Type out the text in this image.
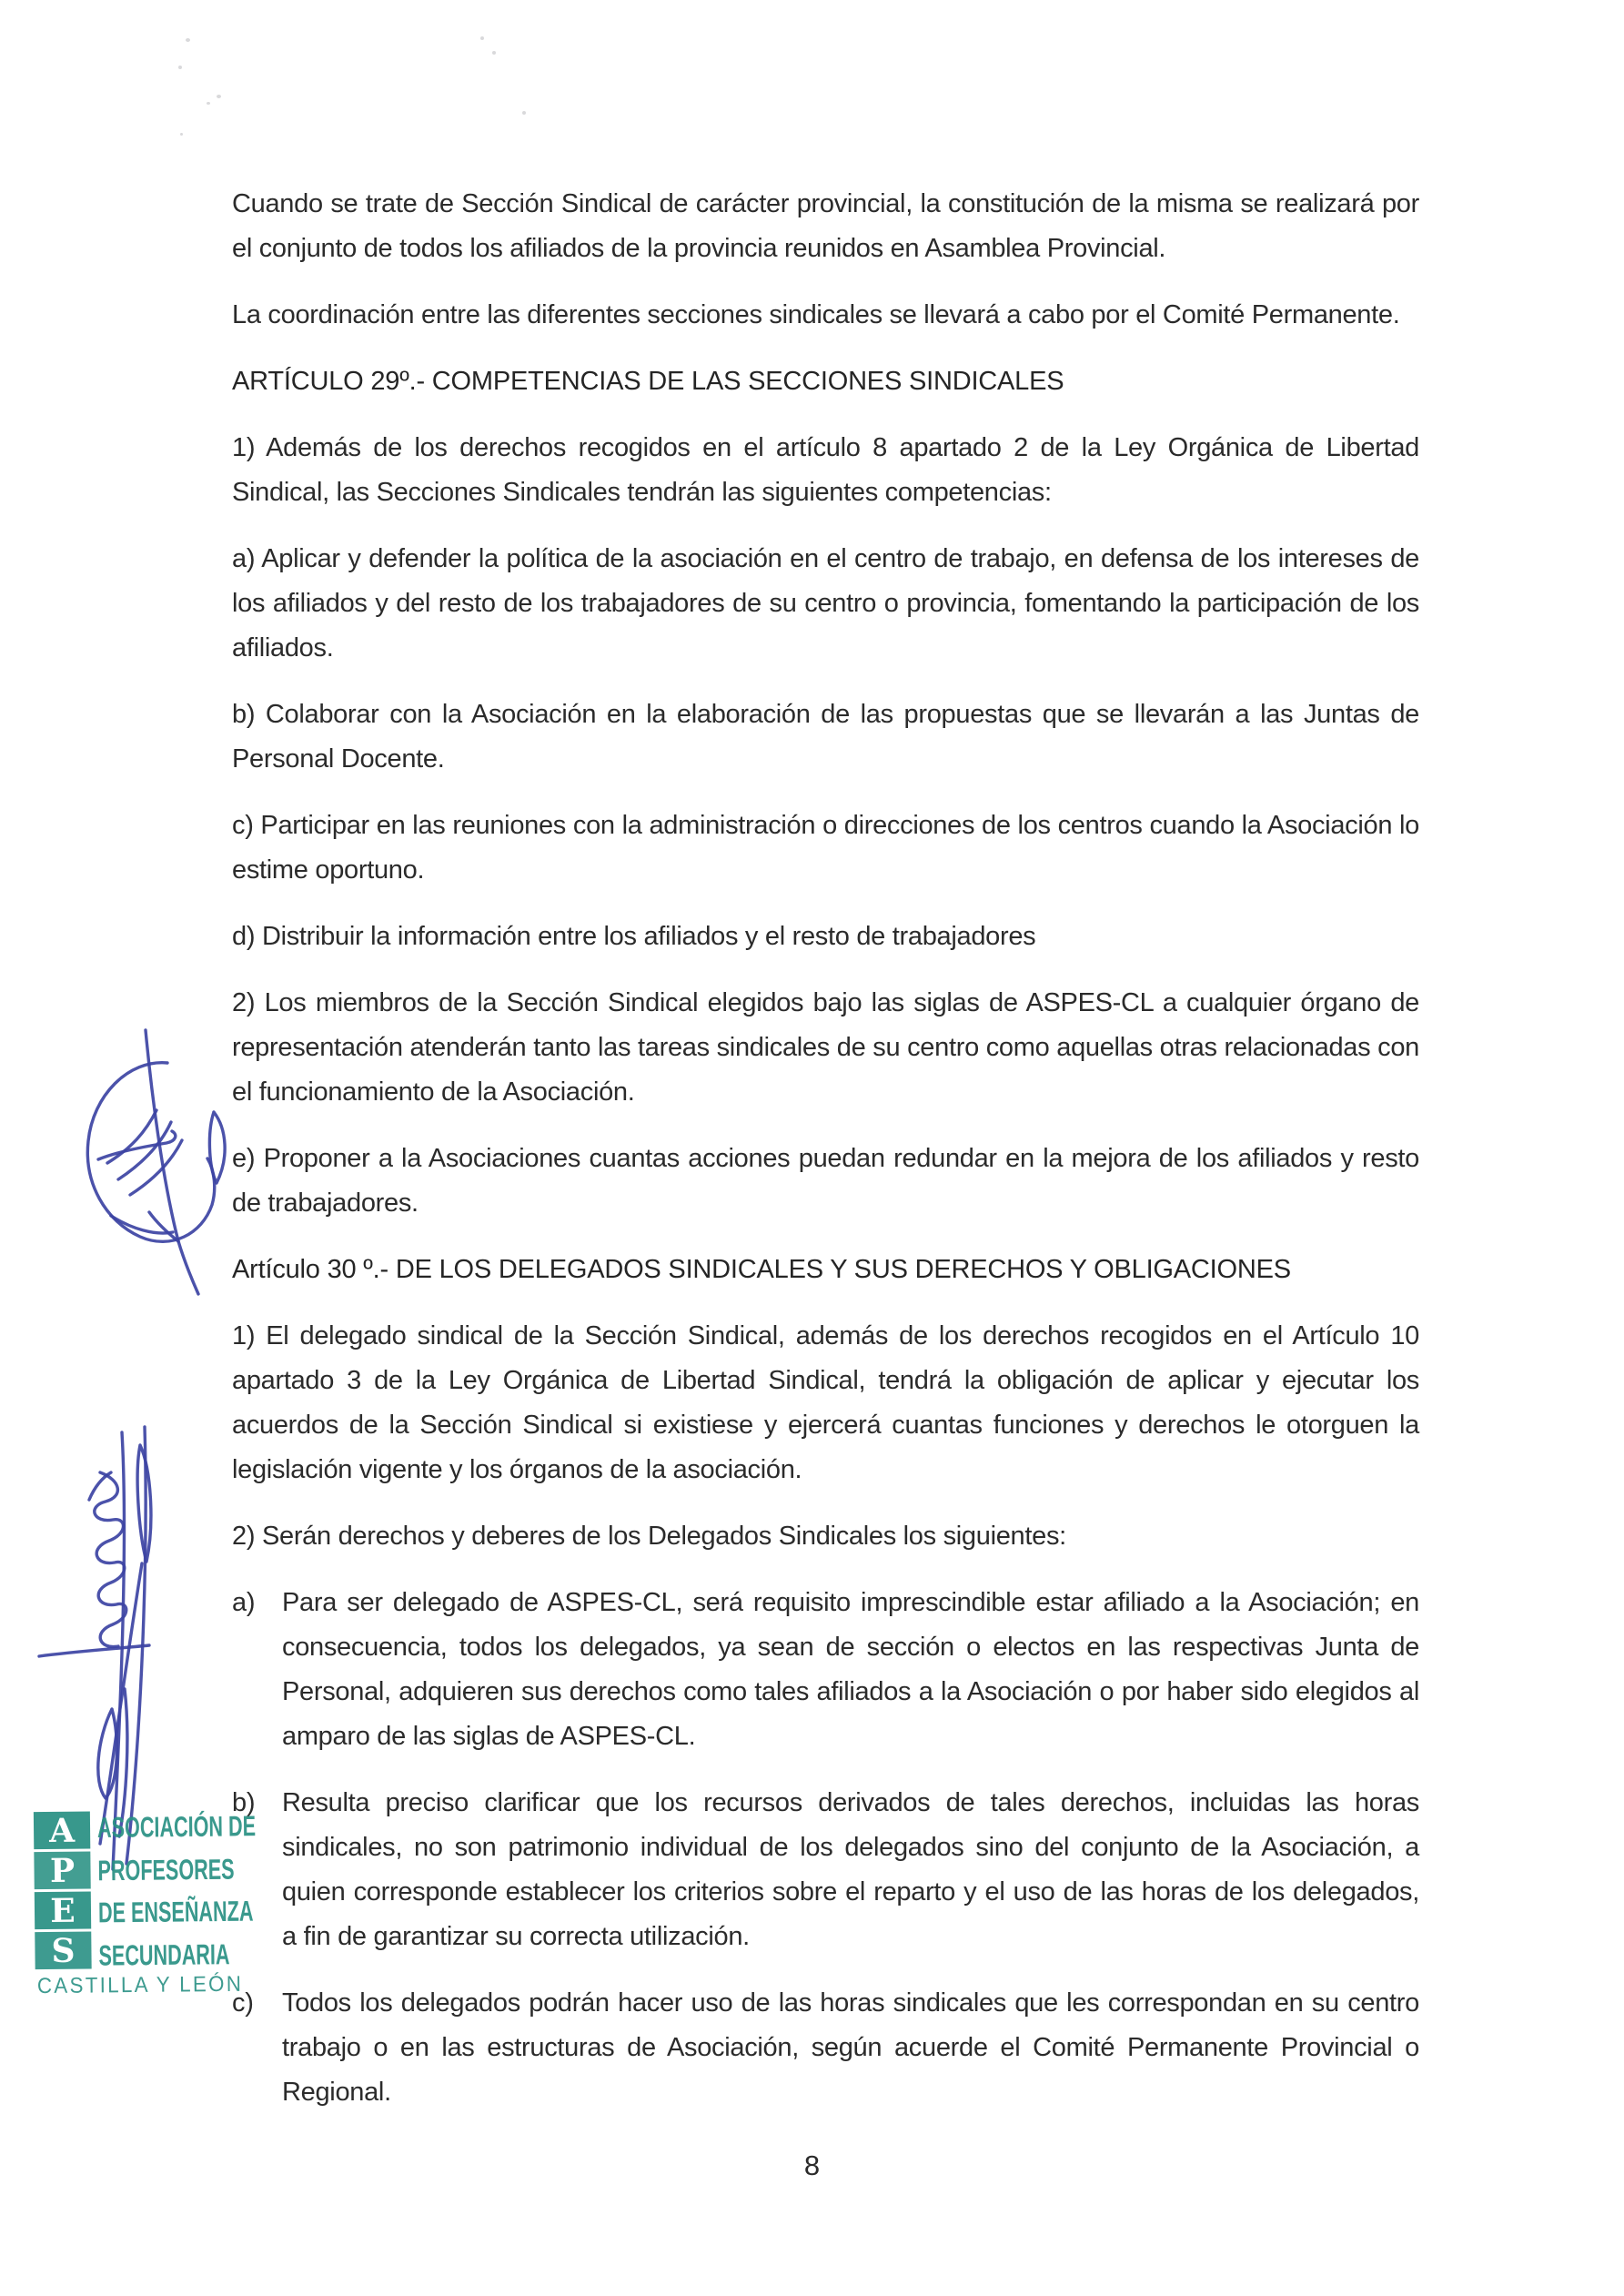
Cuando se trate de Sección Sindical de carácter provincial, la constitución de la misma se realizará por el conjunto de todos los afiliados de la provincia reunidos en Asamblea Provincial.

La coordinación entre las diferentes secciones sindicales se llevará a cabo por el Comité Permanente.

ARTÍCULO 29º.- COMPETENCIAS DE LAS SECCIONES SINDICALES

1) Además de los derechos recogidos en el artículo 8 apartado 2 de la Ley Orgánica de Libertad Sindical, las Secciones Sindicales tendrán las siguientes competencias:

a) Aplicar y defender la política de la asociación en el centro de trabajo, en defensa de los intereses de los afiliados y del resto de los trabajadores de su centro o provincia, fomentando la participación de los afiliados.

b) Colaborar con la Asociación en la elaboración de las propuestas que se llevarán a las Juntas de Personal Docente.

c) Participar en las reuniones con la administración o direcciones de los centros cuando la Asociación lo estime oportuno.

d) Distribuir la información entre los afiliados y el resto de trabajadores

2) Los miembros de la Sección Sindical elegidos bajo las siglas de ASPES-CL a cualquier órgano de representación atenderán tanto las tareas sindicales de su centro como aquellas otras relacionadas con el funcionamiento de la Asociación.

e) Proponer a la Asociaciones cuantas acciones puedan redundar en la mejora de los afiliados y resto de trabajadores.

Artículo 30 º.- DE LOS DELEGADOS SINDICALES Y SUS DERECHOS Y OBLIGACIONES

1) El delegado sindical de la Sección Sindical, además de los derechos recogidos en el Artículo 10 apartado 3 de la Ley Orgánica de Libertad Sindical, tendrá la obligación de aplicar y ejecutar los acuerdos de la Sección Sindical si existiese y ejercerá cuantas funciones y derechos le otorguen la legislación vigente y los órganos de la asociación.

2) Serán derechos y deberes de los Delegados Sindicales los siguientes:

a)	Para ser delegado de ASPES-CL, será requisito imprescindible estar afiliado a la Asociación; en consecuencia, todos los delegados, ya sean de sección o electos en las respectivas Junta de Personal, adquieren sus derechos como tales afiliados a la Asociación o por haber sido elegidos al amparo de las siglas de ASPES-CL.

b)	Resulta preciso clarificar que los recursos derivados de tales derechos, incluidas las horas sindicales, no son patrimonio individual de los delegados sino del conjunto de la Asociación, a quien corresponde establecer los criterios sobre el reparto y el uso de las horas de los delegados, a fin de garantizar su correcta utilización.

c)	Todos los delegados podrán hacer uso de las horas sindicales que les correspondan en su centro trabajo o en las estructuras de Asociación, según acuerde el Comité Permanente Provincial o Regional.

A
P
E
S
ASOCIACIÓN DE
PROFESORES
DE ENSEÑANZA
SECUNDARIA
CASTILLA Y LEÓN
8
